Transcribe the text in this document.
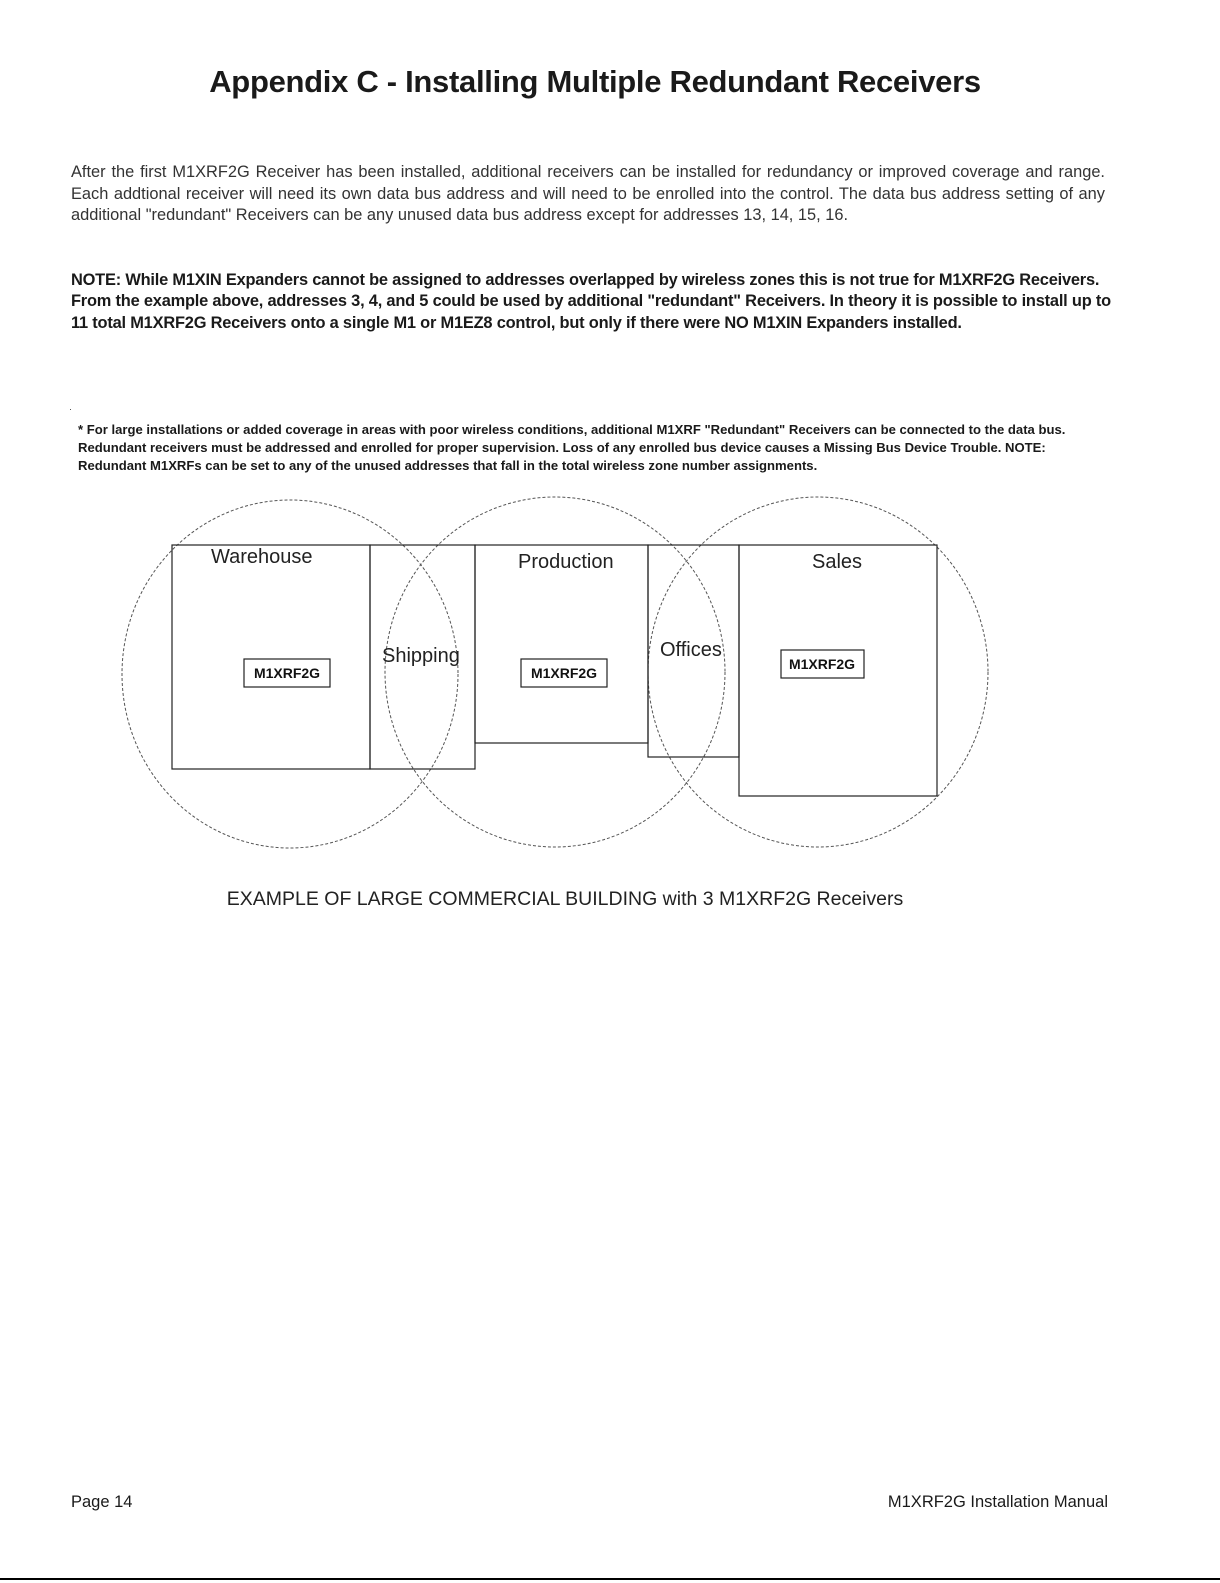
Appendix C - Installing Multiple Redundant Receivers
After the first M1XRF2G Receiver has been installed, additional receivers can be installed for redundancy or improved coverage and range. Each addtional receiver will need its own data bus address and will need to be enrolled into the control. The data bus address setting of any additional "redundant" Receivers can be any unused data bus address except for addresses 13, 14, 15, 16.
NOTE: While M1XIN Expanders cannot be assigned to addresses overlapped by wireless zones this is not true for M1XRF2G Receivers. From the example above, addresses 3, 4, and 5 could be used by additional "redundant" Receivers. In theory it is possible to install up to 11 total M1XRF2G Receivers onto a single M1 or M1EZ8 control, but only if there were NO M1XIN Expanders installed.
* For large installations or added coverage in areas with poor wireless conditions, additional M1XRF "Redundant" Receivers can be connected to the data bus. Redundant receivers must be addressed and enrolled for proper supervision. Loss of any enrolled bus device causes a Missing Bus Device Trouble. NOTE: Redundant M1XRFs can be set to any of the unused addresses that fall in the total wireless zone number assignments.
Warehouse
Shipping
Production
Offices
Sales
M1XRF2G	M1XRF2G
M1XRF2G
EXAMPLE OF LARGE COMMERCIAL BUILDING with 3 M1XRF2G Receivers
Page 14	M1XRF2G Installation Manual
